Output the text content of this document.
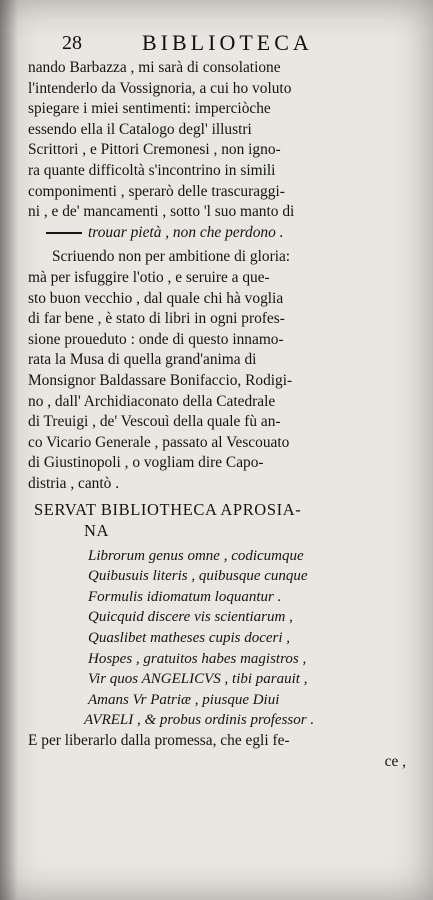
28	BIBLIOTECA
nando Barbazza , mi sarà di consolatione
l'intenderlo da Vossignoria, a cui ho voluto
spiegare i miei sentimenti: imperciòche
essendo ella il Catalogo degl' illustri
Scrittori , e Pittori Cremonesi , non igno-
ra quante difficoltà s'incontrino in simili
componimenti , sperarò delle trascuraggi-
ni , e de' mancamenti , sotto 'l suo manto di
trouar pietà , non che perdono .
Scriuendo non per ambitione di gloria:
mà per isfuggire l'otio , e seruire a que-
sto buon vecchio , dal quale chi hà voglia
di far bene , è stato di libri in ogni profes-
sione proueduto : onde di questo innamo-
rata la Musa di quella grand'anima di
Monsignor Baldassare Bonifaccio, Rodigi-
no , dall' Archidiaconato della Catedrale
di Treuigi , de' Vescouì della quale fù an-
co Vicario Generale , passato al Vescouato
di Giustinopoli , o vogliam dire Capo-
distria , cantò .
SERVAT BIBLIOTHECA APROSIA-
NA
Librorum genus omne , codicumque
Quibusuis literis , quibusque cunque
Formulis idiomatum loquantur .
Quicquid discere vis scientiarum ,
Quaslibet matheses cupis doceri ,
Hospes , gratuitos habes magistros ,
Vir quos ANGELICVS , tibi parauit ,
Amans Vr Patriæ , piusque Diui
AVRELI , & probus ordinis professor .
E per liberarlo dalla promessa, che egli fe-
ce ,
